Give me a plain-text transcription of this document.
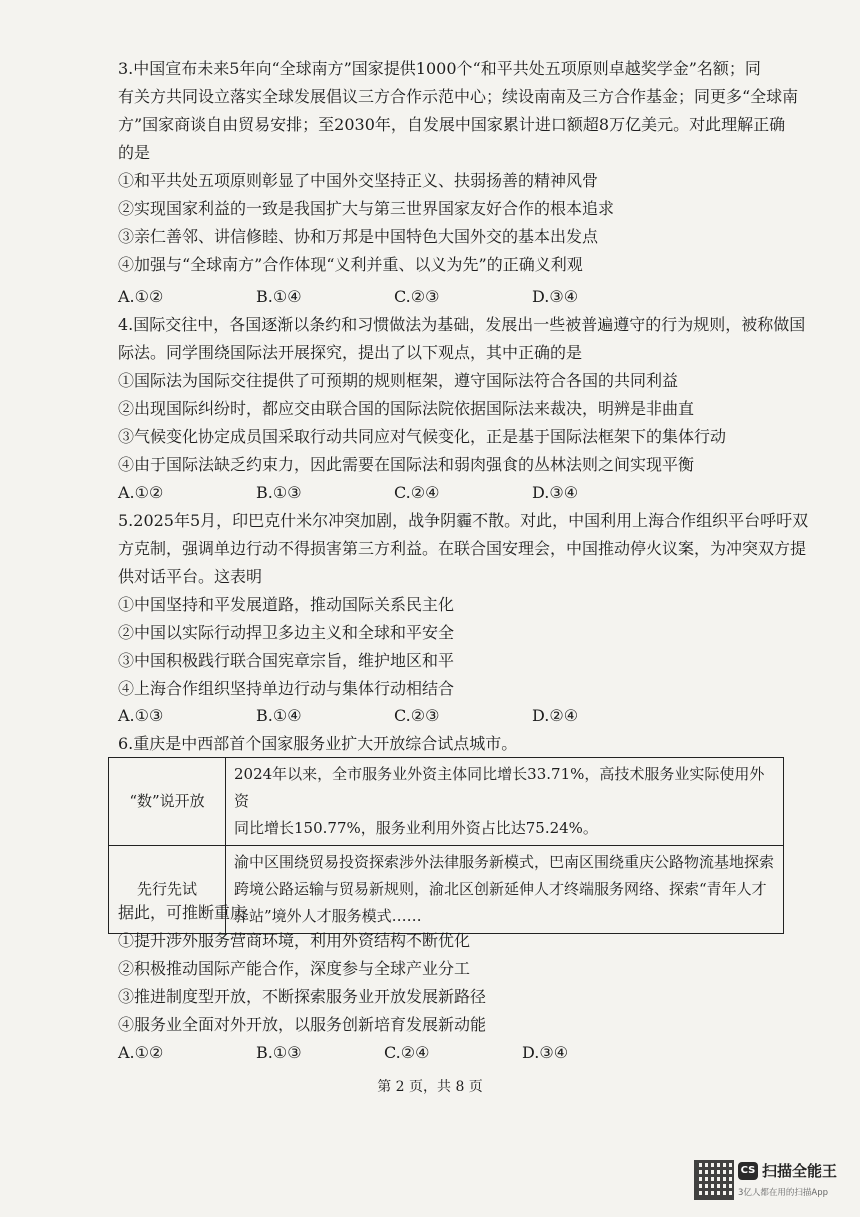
3.中国宣布未来5年向“全球南方”国家提供1000个“和平共处五项原则卓越奖学金”名额；同
有关方共同设立落实全球发展倡议三方合作示范中心；续设南南及三方合作基金；同更多“全球南
方”国家商谈自由贸易安排；至2030年，自发展中国家累计进口额超8万亿美元。对此理解正确
的是
①和平共处五项原则彰显了中国外交坚持正义、扶弱扬善的精神风骨
②实现国家利益的一致是我国扩大与第三世界国家友好合作的根本追求
③亲仁善邻、讲信修睦、协和万邦是中国特色大国外交的基本出发点
④加强与“全球南方”合作体现“义利并重、以义为先”的正确义利观
A.①②	B.①④	C.②③	D.③④
4.国际交往中，各国逐渐以条约和习惯做法为基础，发展出一些被普遍遵守的行为规则，被称做国
际法。同学围绕国际法开展探究，提出了以下观点，其中正确的是
①国际法为国际交往提供了可预期的规则框架，遵守国际法符合各国的共同利益
②出现国际纠纷时，都应交由联合国的国际法院依据国际法来裁决，明辨是非曲直
③气候变化协定成员国采取行动共同应对气候变化，正是基于国际法框架下的集体行动
④由于国际法缺乏约束力，因此需要在国际法和弱肉强食的丛林法则之间实现平衡
A.①②	B.①③	C.②④	D.③④
5.2025年5月，印巴克什米尔冲突加剧，战争阴霾不散。对此，中国利用上海合作组织平台呼吁双
方克制，强调单边行动不得损害第三方利益。在联合国安理会，中国推动停火议案，为冲突双方提
供对话平台。这表明
①中国坚持和平发展道路，推动国际关系民主化
②中国以实际行动捍卫多边主义和全球和平安全
③中国积极践行联合国宪章宗旨，维护地区和平
④上海合作组织坚持单边行动与集体行动相结合
A.①③	B.①④	C.②③	D.②④
6.重庆是中西部首个国家服务业扩大开放综合试点城市。
“数”说开放	2024年以来，全市服务业外资主体同比增长33.71%，高技术服务业实际使用外资
同比增长150.77%，服务业利用外资占比达75.24%。

先行先试	渝中区围绕贸易投资探索涉外法律服务新模式，巴南区围绕重庆公路物流基地探索
跨境公路运输与贸易新规则，渝北区创新延伸人才终端服务网络、探索“青年人才
驿站”境外人才服务模式……
据此，可推断重庆
①提升涉外服务营商环境，利用外资结构不断优化
②积极推动国际产能合作，深度参与全球产业分工
③推进制度型开放，不断探索服务业开放发展新路径
④服务业全面对外开放，以服务创新培育发展新动能
A.①②	B.①③	C.②④	D.③④
第 2 页，共 8 页
CS 扫描全能王
3亿人都在用的扫描App
